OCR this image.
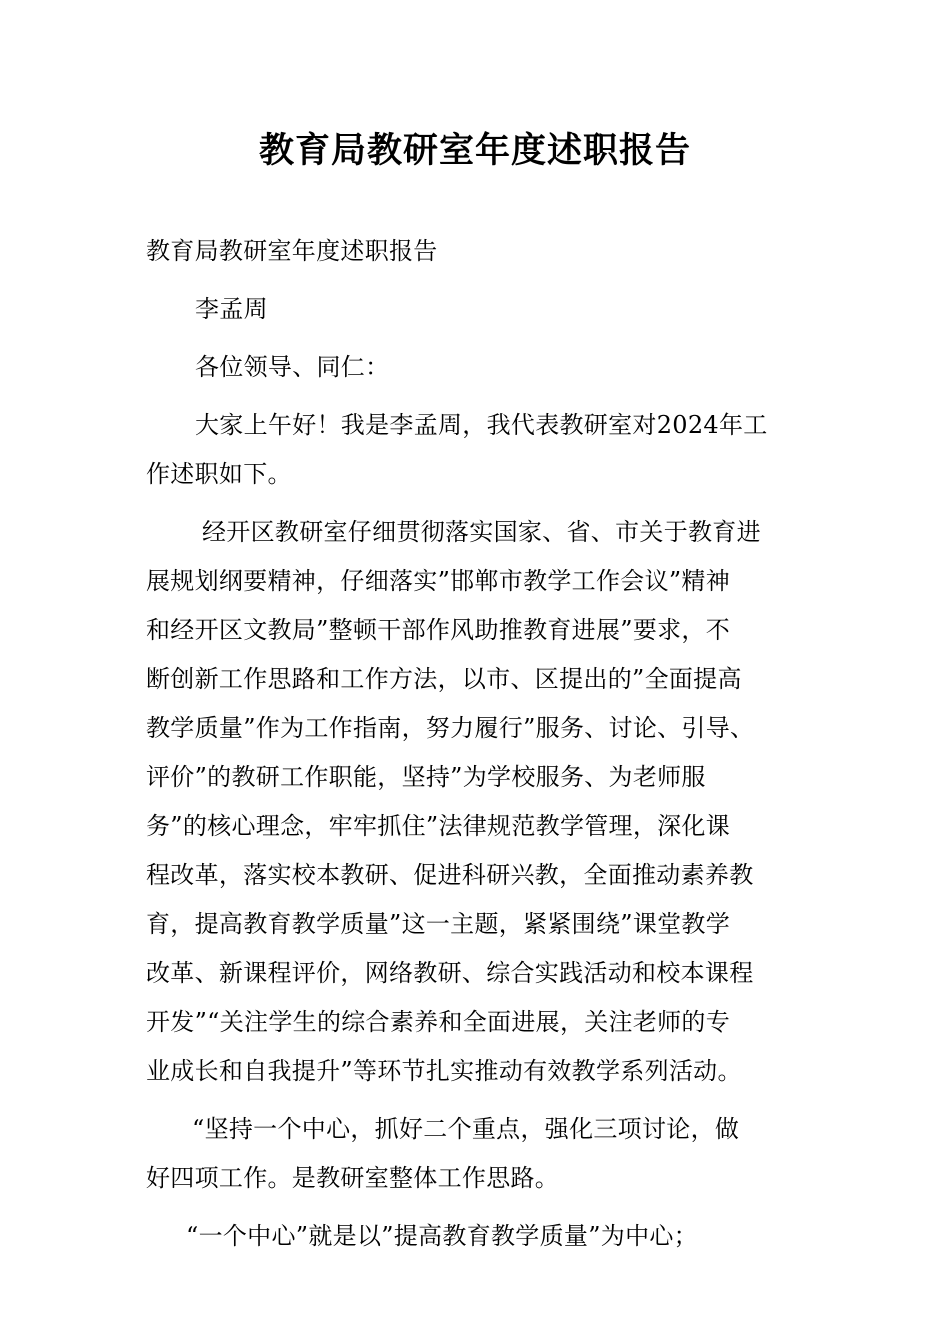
教育局教研室年度述职报告
教育局教研室年度述职报告
李孟周
各位领导、同仁：
大家上午好！我是李孟周，我代表教研室对2024年工
作述职如下。
经开区教研室仔细贯彻落实国家、省、市关于教育进
展规划纲要精神，仔细落实”邯郸市教学工作会议”精神
和经开区文教局”整顿干部作风助推教育进展”要求，不
断创新工作思路和工作方法，以市、区提出的”全面提高
教学质量”作为工作指南，努力履行”服务、讨论、引导、
评价”的教研工作职能，坚持”为学校服务、为老师服
务”的核心理念，牢牢抓住”法律规范教学管理，深化课
程改革，落实校本教研、促进科研兴教，全面推动素养教
育，提高教育教学质量”这一主题，紧紧围绕”课堂教学
改革、新课程评价，网络教研、综合实践活动和校本课程
开发”“关注学生的综合素养和全面进展，关注老师的专
业成长和自我提升”等环节扎实推动有效教学系列活动。
“坚持一个中心，抓好二个重点，强化三项讨论，做
好四项工作。是教研室整体工作思路。
“一个中心”就是以”提高教育教学质量”为中心；
